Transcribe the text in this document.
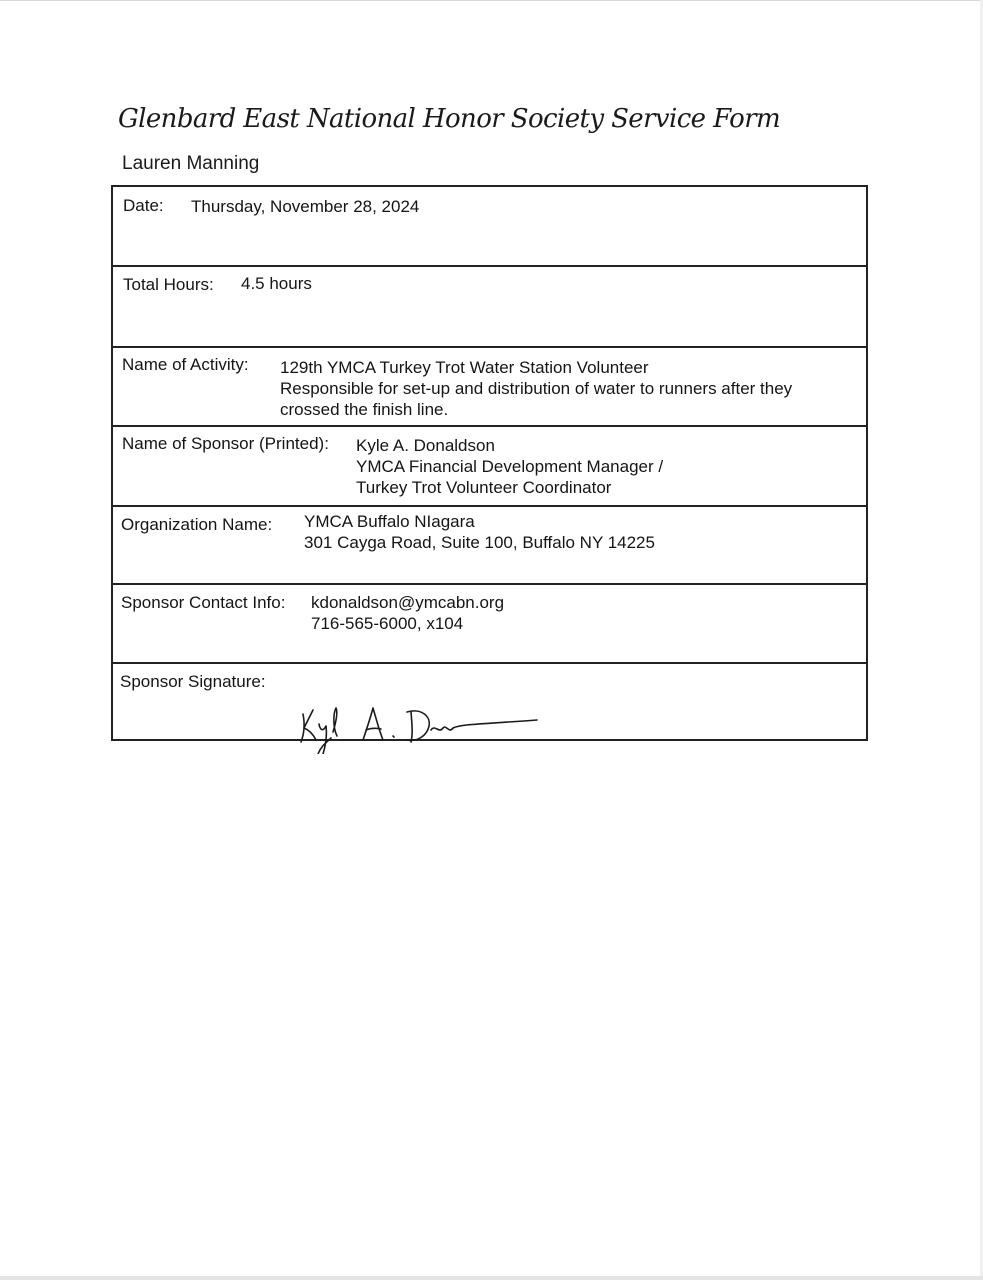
Glenbard East National Honor Society Service Form
Lauren Manning
Date: Thursday, November 28, 2024
Total Hours: 4.5 hours
Name of Activity: 129th YMCA Turkey Trot Water Station Volunteer
Responsible for set-up and distribution of water to runners after they
crossed the finish line.
Name of Sponsor (Printed): Kyle A. Donaldson
YMCA Financial Development Manager /
Turkey Trot Volunteer Coordinator
Organization Name: YMCA Buffalo NIagara
301 Cayga Road, Suite 100, Buffalo NY 14225
Sponsor Contact Info: kdonaldson@ymcabn.org
716-565-6000, x104
Sponsor Signature:
